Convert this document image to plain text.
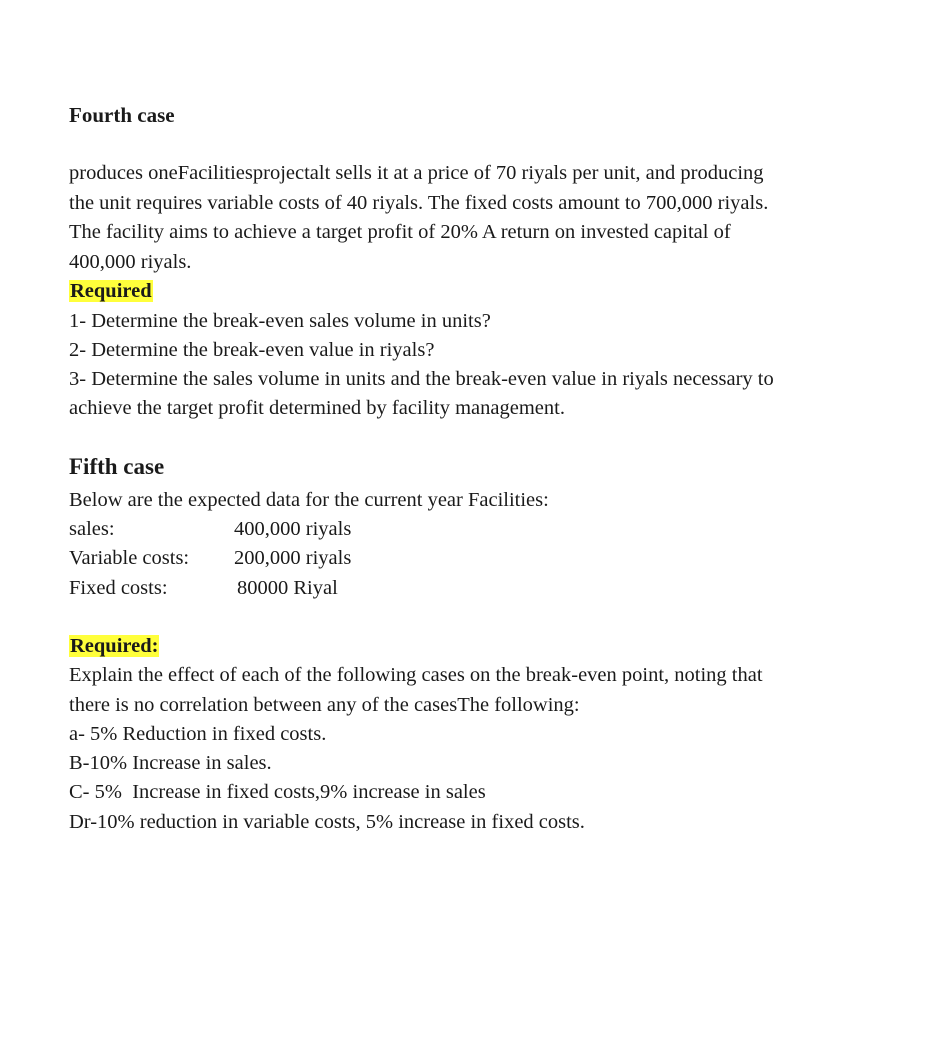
Fourth case
produces oneFacilitiesprojectalt sells it at a price of 70 riyals per unit, and producing
the unit requires variable costs of 40 riyals. The fixed costs amount to 700,000 riyals.
The facility aims to achieve a target profit of 20% A return on invested capital of
400,000 riyals.
Required
1- Determine the break-even sales volume in units?
2- Determine the break-even value in riyals?
3- Determine the sales volume in units and the break-even value in riyals necessary to
achieve the target profit determined by facility management.
Fifth case
Below are the expected data for the current year Facilities:
sales:	400,000 riyals
Variable costs: 200,000 riyals
Fixed costs:	80000 Riyal
Required:
Explain the effect of each of the following cases on the break-even point, noting that
there is no correlation between any of the casesThe following:
a- 5% Reduction in fixed costs.
B-10% Increase in sales.
C- 5%  Increase in fixed costs,9% increase in sales
Dr-10% reduction in variable costs, 5% increase in fixed costs.
